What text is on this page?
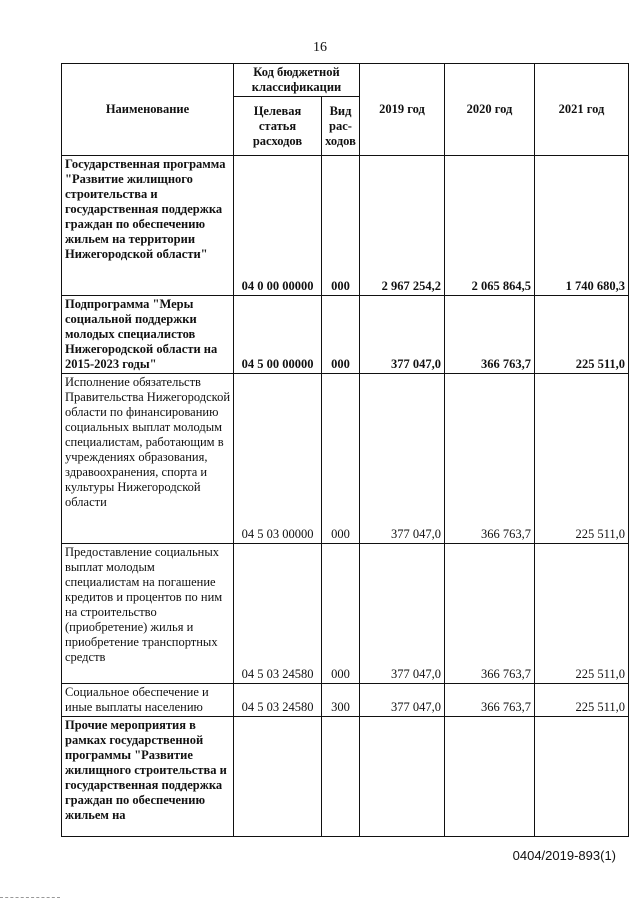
16
Наименование	Код бюджетной классификации		2019 год	2020 год	2021 год
	Целевая статья расходов	Вид рас-ходов			
Государственная программа "Развитие жилищного строительства и государственная поддержка граждан по обеспечению жильем на территории Нижегородской области"	04 0 00 00000	000	2 967 254,2	2 065 864,5	1 740 680,3
Подпрограмма "Меры социальной поддержки молодых специалистов Нижегородской области на 2015-2023 годы"	04 5 00 00000	000	377 047,0	366 763,7	225 511,0
Исполнение обязательств Правительства Нижегородской области по финансированию социальных выплат молодым специалистам, работающим в учреждениях образования, здравоохранения, спорта и культуры Нижегородской области	04 5 03 00000	000	377 047,0	366 763,7	225 511,0
Предоставление социальных выплат молодым специалистам на погашение кредитов и процентов по ним на строительство (приобретение) жилья и приобретение транспортных средств	04 5 03 24580	000	377 047,0	366 763,7	225 511,0
Социальное обеспечение и иные выплаты населению	04 5 03 24580	300	377 047,0	366 763,7	225 511,0
Прочие мероприятия в рамках государственной программы "Развитие жилищного строительства и государственная поддержка граждан по обеспечению жильем на					
0404/2019-893(1)
